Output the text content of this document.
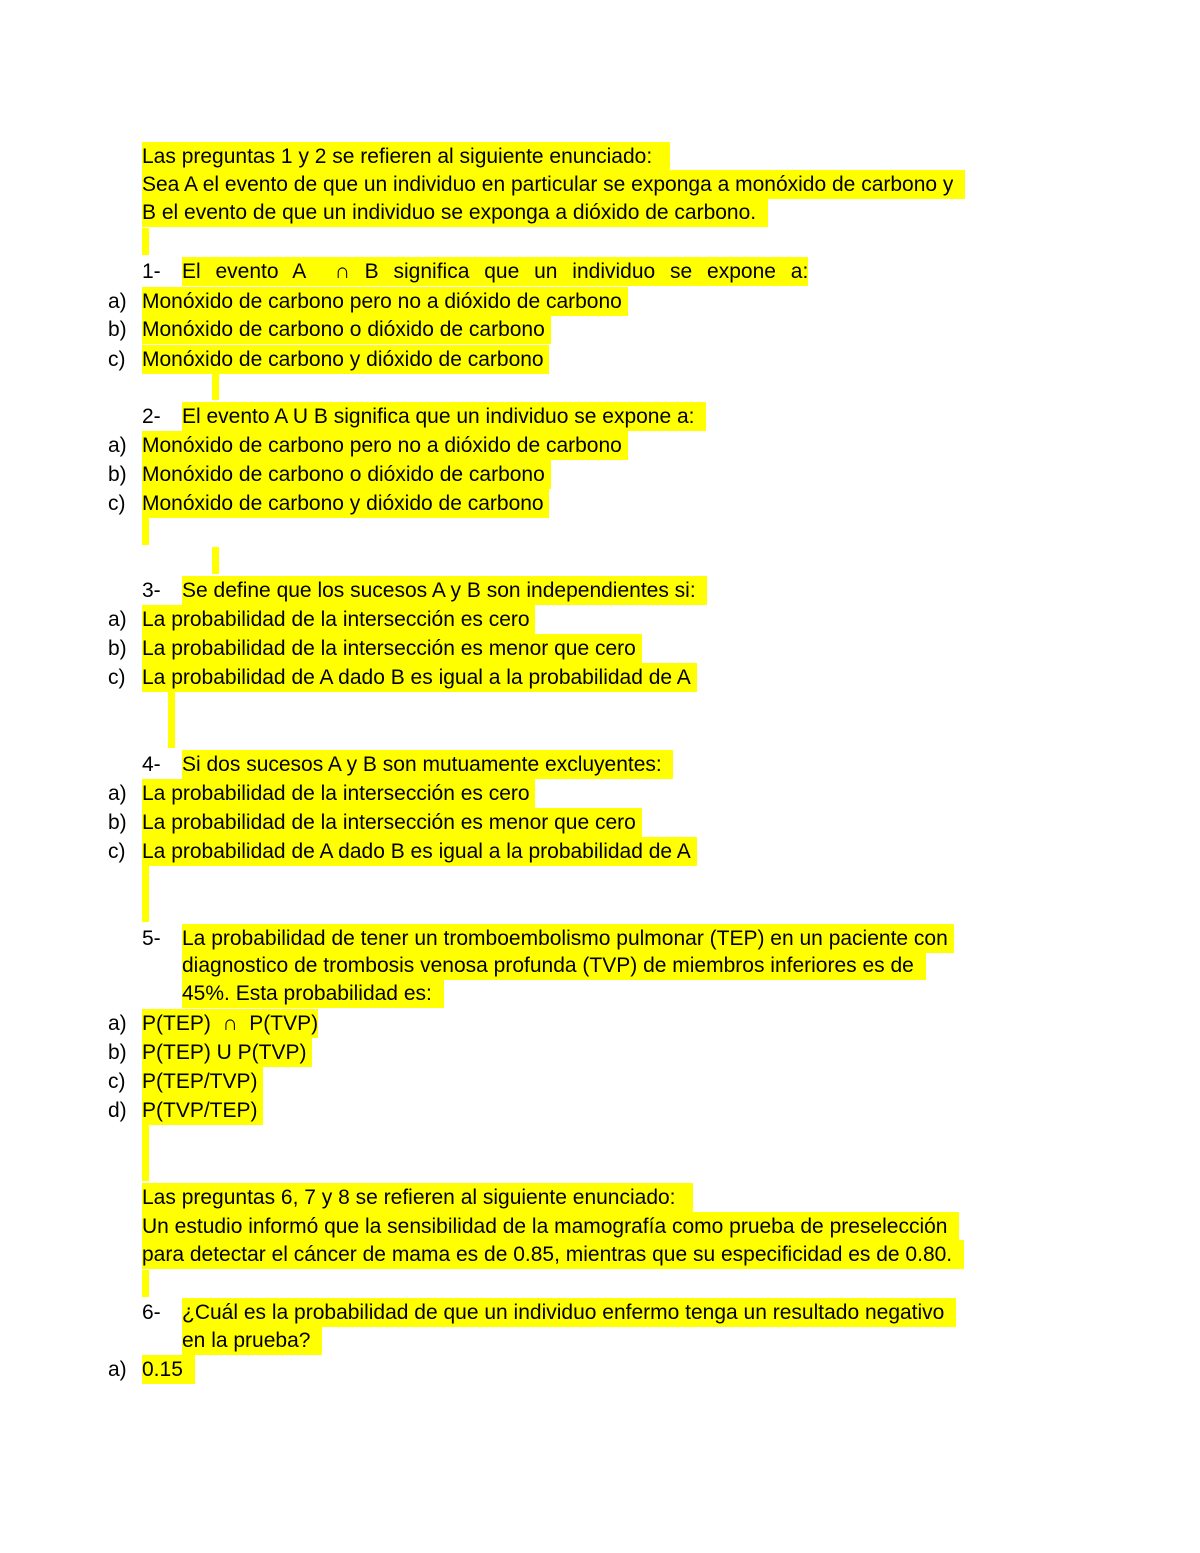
Las preguntas 1 y 2 se refieren al siguiente enunciado:
Sea A el evento de que un individuo en particular se exponga a monóxido de carbono y
B el evento de que un individuo se exponga a dióxido de carbono.
1- El evento A  ∩ B significa que un individuo se expone a:
a) Monóxido de carbono pero no a dióxido de carbono
b) Monóxido de carbono o dióxido de carbono
c) Monóxido de carbono y dióxido de carbono
2- El evento A U B significa que un individuo se expone a:
a) Monóxido de carbono pero no a dióxido de carbono
b) Monóxido de carbono o dióxido de carbono
c) Monóxido de carbono y dióxido de carbono
3- Se define que los sucesos A y B son independientes si:
a) La probabilidad de la intersección es cero
b) La probabilidad de la intersección es menor que cero
c) La probabilidad de A dado B es igual a la probabilidad de A
4- Si dos sucesos A y B son mutuamente excluyentes:
a) La probabilidad de la intersección es cero
b) La probabilidad de la intersección es menor que cero
c) La probabilidad de A dado B es igual a la probabilidad de A
5- La probabilidad de tener un tromboembolismo pulmonar (TEP) en un paciente con
diagnostico de trombosis venosa profunda (TVP) de miembros inferiores es de
45%. Esta probabilidad es:
a) P(TEP)  ∩  P(TVP)
b) P(TEP) U P(TVP)
c) P(TEP/TVP)
d) P(TVP/TEP)
Las preguntas 6, 7 y 8 se refieren al siguiente enunciado:
Un estudio informó que la sensibilidad de la mamografía como prueba de preselección
para detectar el cáncer de mama es de 0.85, mientras que su especificidad es de 0.80.
6- ¿Cuál es la probabilidad de que un individuo enfermo tenga un resultado negativo
en la prueba?
a) 0.15
